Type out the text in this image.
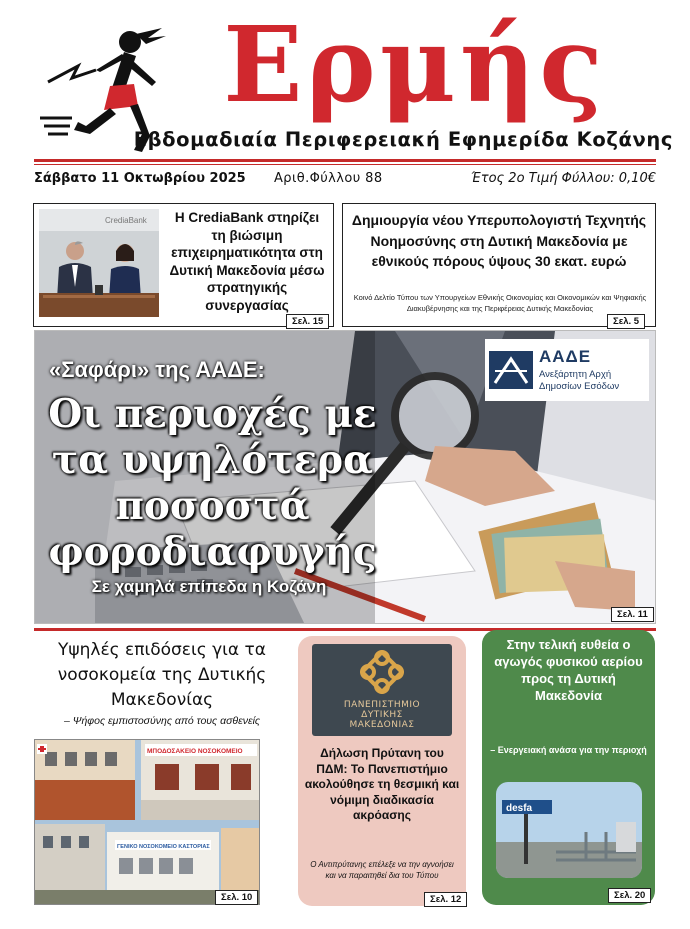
Ερμής
Εβδομαδιαία Περιφερειακή Εφημερίδα Κοζάνης
Σάββατο 11 Οκτωβρίου 2025 Αριθ.Φύλλου 88	Έτος 2ο Τιμή Φύλλου: 0,10€
CrediaBank	Η CrediaBank στηρίζει τη βιώσιμη επιχειρηματικότητα στη Δυτική Μακεδονία μέσω στρατηγικής συνεργασίας
Σελ. 15
Δημιουργία νέου Υπερυπολογιστή Τεχνητής Νοημοσύνης στη Δυτική Μακεδονία με εθνικούς πόρους ύψους 30 εκατ. ευρώ
Κοινό Δελτίο Τύπου των Υπουργείων Εθνικής Οικονομίας και Οικονομικών και Ψηφιακής Διακυβέρνησης και της Περιφέρειας Δυτικής Μακεδονίας
Σελ. 5
ΑΑΔΕ
Ανεξάρτητη Αρχή
Δημοσίων Εσόδων
«Σαφάρι» της ΑΑΔΕ:
Οι περιοχές με τα υψηλότερα ποσοστά φοροδιαφυγής
Σε χαμηλά επίπεδα η Κοζάνη
Σελ. 11
Υψηλές επιδόσεις για τα νοσοκομεία της Δυτικής Μακεδονίας
– Ψήφος εμπιστοσύνης από τους ασθενείς
ΜΠΟΔΟΣΑΚΕΙΟ ΝΟΣΟΚΟΜΕΙΟ
ΓΕΝΙΚΟ ΝΟΣΟΚΟΜΕΙΟ ΚΑΣΤΟΡΙΑΣ
Σελ. 10
ΠΑΝΕΠΙΣΤΗΜΙΟ
ΔΥΤΙΚΗΣ
ΜΑΚΕΔΟΝΙΑΣ
Δήλωση Πρύτανη του ΠΔΜ: Το Πανεπιστήμιο ακολούθησε τη θεσμική και νόμιμη διαδικασία ακρόασης
Ο Αντιπρύτανης επέλεξε να την αγνοήσει και να παραιτηθεί δια του Τύπου
Σελ. 12
Στην τελική ευθεία ο αγωγός φυσικού αερίου προς τη Δυτική Μακεδονία
– Ενεργειακή ανάσα για την περιοχή
desfa
Σελ. 20
